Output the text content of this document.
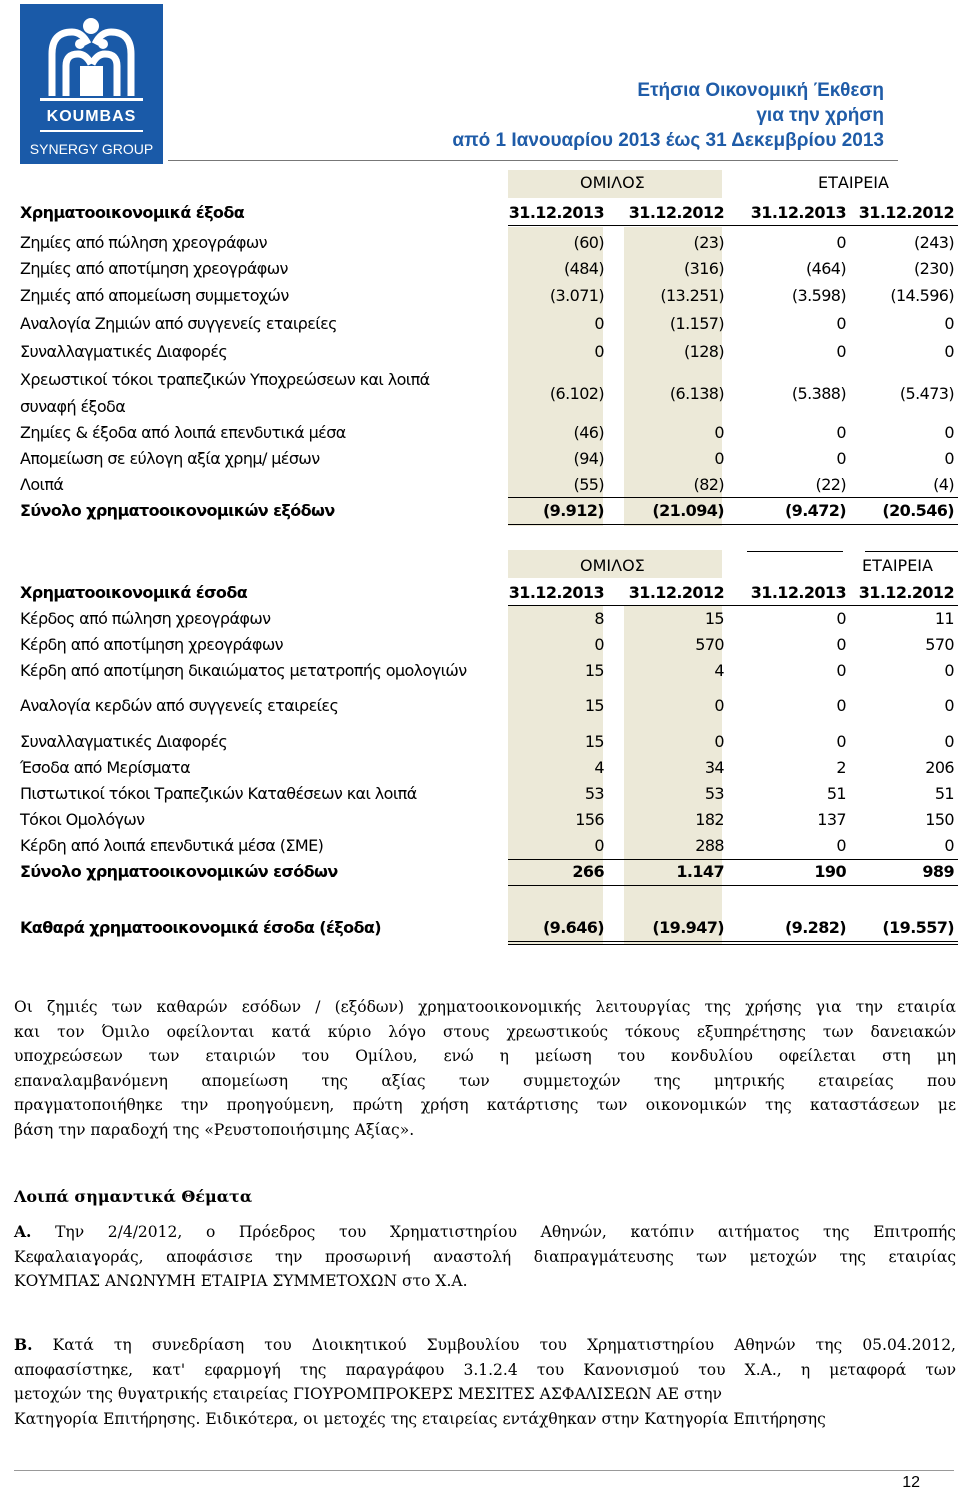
KOUMBAS
SYNERGY GROUP
Ετήσια Οικονομική Έκθεση
για την χρήση
από 1 Ιανουαρίου 2013 έως 31 Δεκεμβρίου 2013
ΟΜΙΛΟΣ	ΕΤΑΙΡΕΙΑ
Χρηματοοικονομικά έξοδα	31.12.2013 31.12.2012 31.12.2013 31.12.2012
Ζημίες από πώληση χρεογράφων	(60)	(23)	0	(243)
Ζημίες από αποτίμηση χρεογράφων	(484)	(316)	(464)	(230)
Ζημιές από απομείωση συμμετοχών	(3.071)	(13.251)	(3.598)	(14.596)
Αναλογία Ζημιών από συγγενείς εταιρείες	0	(1.157)	0	0
Συναλλαγματικές Διαφορές	0	(128)	0	0
Χρεωστικοί τόκοι τραπεζικών Υποχρεώσεων και λοιπά
(6.102)	(6.138)	(5.388)	(5.473)
συναφή έξοδα
Ζημίες & έξοδα από λοιπά επενδυτικά μέσα	(46)	0	0	0
Απομείωση σε εύλογη αξία χρημ/ μέσων	(94)	0	0	0
Λοιπά	(55)	(82)	(22)	(4)
Σύνολο χρηματοοικονομικών εξόδων	(9.912)	(21.094)	(9.472) (20.546)
ΟΜΙΛΟΣ	ΕΤΑΙΡΕΙΑ
Χρηματοοικονομικά έσοδα	31.12.2013 31.12.2012 31.12.2013 31.12.2012
Κέρδος από πώληση χρεογράφων	8	15	0	11
Κέρδη από αποτίμηση χρεογράφων	0	570	0	570
Κέρδη από αποτίμηση δικαιώματος μετατροπής ομολογιών	15	4	0	0
Αναλογία κερδών από συγγενείς εταιρείες	15	0	0	0
Συναλλαγματικές Διαφορές	15	0	0	0
Έσοδα από Μερίσματα	4	34	2	206
Πιστωτικοί τόκοι Τραπεζικών Καταθέσεων και λοιπά	53	53	51	51
Τόκοι Ομολόγων	156	182	137	150
Κέρδη από λοιπά επενδυτικά μέσα (ΣΜΕ)	0	288	0	0
Σύνολο χρηματοοικονομικών εσόδων	266	1.147	190	989
Καθαρά χρηματοοικονομικά έσοδα (έξοδα)	(9.646)	(19.947)	(9.282) (19.557)
Οι ζημιές των καθαρών εσόδων / (εξόδων) χρηματοοικονομικής λειτουργίας της χρήσης για την εταιρία
και τον Όμιλο οφείλονται κατά κύριο λόγο στους χρεωστικούς τόκους εξυπηρέτησης των δανειακών
υποχρεώσεων των εταιριών του Ομίλου, ενώ η μείωση του κονδυλίου οφείλεται στη μη
επαναλαμβανόμενη απομείωση της αξίας των συμμετοχών της μητρικής εταιρείας που
πραγματοποιήθηκε την προηγούμενη, πρώτη χρήση κατάρτισης των οικονομικών της καταστάσεων με
βάση την παραδοχή της «Ρευστοποιήσιμης Αξίας».
Λοιπά σημαντικά Θέματα
Α. Την 2/4/2012, ο Πρόεδρος του Χρηματιστηρίου Αθηνών, κατόπιν αιτήματος της Επιτροπής
Κεφαλαιαγοράς, αποφάσισε την προσωρινή αναστολή διαπραγμάτευσης των μετοχών της εταιρίας
ΚΟΥΜΠΑΣ ΑΝΩΝΥΜΗ ΕΤΑΙΡΙΑ ΣΥΜΜΕΤΟΧΩΝ στο Χ.Α.
Β. Κατά τη συνεδρίαση του Διοικητικού Συμβουλίου του Χρηματιστηρίου Αθηνών της 05.04.2012,
αποφασίστηκε, κατ' εφαρμογή της παραγράφου 3.1.2.4 του Κανονισμού του Χ.Α., η μεταφορά των
μετοχών της θυγατρικής εταιρείας ΓΙΟΥΡΟΜΠΡΟΚΕΡΣ ΜΕΣΙΤΕΣ ΑΣΦΑΛΙΣΕΩΝ ΑΕ στην
Κατηγορία Επιτήρησης. Ειδικότερα, οι μετοχές της εταιρείας εντάχθηκαν στην Κατηγορία Επιτήρησης
12
